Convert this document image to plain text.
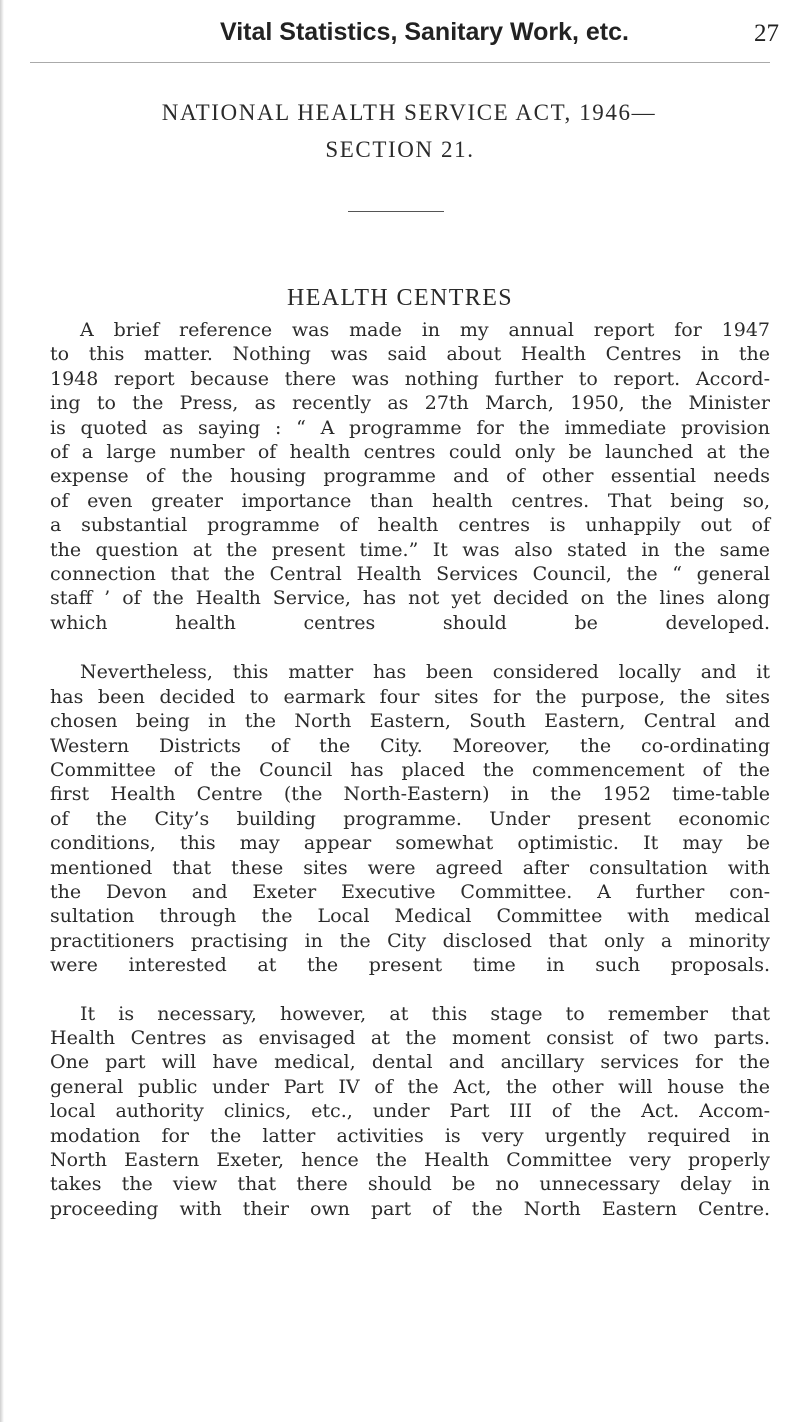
Vital Statistics, Sanitary Work, etc.	27
NATIONAL HEALTH SERVICE ACT, 1946—
SECTION 21.
HEALTH CENTRES

A brief reference was made in my annual report for 1947
to this matter. Nothing was said about Health Centres in the
1948 report because there was nothing further to report. Accord-
ing to the Press, as recently as 27th March, 1950, the Minister
is quoted as saying : “ A programme for the immediate provision
of a large number of health centres could only be launched at the
expense of the housing programme and of other essential needs
of even greater importance than health centres. That being so,
a substantial programme of health centres is unhappily out of
the question at the present time.” It was also stated in the same
connection that the Central Health Services Council, the “ general
staff ’ of the Health Service, has not yet decided on the lines along
which health centres should be developed.

Nevertheless, this matter has been considered locally and it
has been decided to earmark four sites for the purpose, the sites
chosen being in the North Eastern, South Eastern, Central and
Western Districts of the City. Moreover, the co-ordinating
Committee of the Council has placed the commencement of the
first Health Centre (the North-Eastern) in the 1952 time-table
of the City’s building programme. Under present economic
conditions, this may appear somewhat optimistic. It may be
mentioned that these sites were agreed after consultation with
the Devon and Exeter Executive Committee. A further con-
sultation through the Local Medical Committee with medical
practitioners practising in the City disclosed that only a minority
were interested at the present time in such proposals.

It is necessary, however, at this stage to remember that
Health Centres as envisaged at the moment consist of two parts.
One part will have medical, dental and ancillary services for the
general public under Part IV of the Act, the other will house the
local authority clinics, etc., under Part III of the Act. Accom-
modation for the latter activities is very urgently required in
North Eastern Exeter, hence the Health Committee very properly
takes the view that there should be no unnecessary delay in
proceeding with their own part of the North Eastern Centre.
